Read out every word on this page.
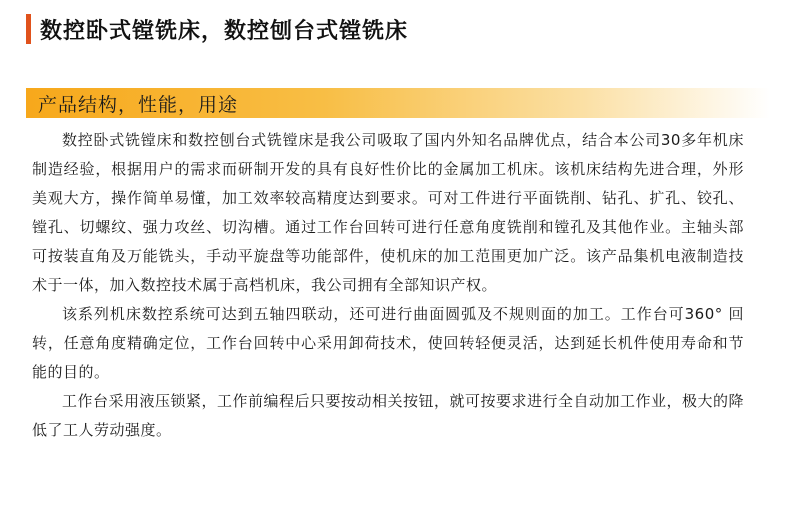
数控卧式镗铣床，数控刨台式镗铣床
产品结构，性能，用途

数控卧式铣镗床和数控刨台式铣镗床是我公司吸取了国内外知名品牌优点，结合本公司30多年机床制造经验，根据用户的需求而研制开发的具有良好性价比的金属加工机床。该机床结构先进合理，外形美观大方，操作简单易懂，加工效率较高精度达到要求。可对工件进行平面铣削、钻孔、扩孔、铰孔、镗孔、切螺纹、强力攻丝、切沟槽。通过工作台回转可进行任意角度铣削和镗孔及其他作业。主轴头部可按装直角及万能铣头，手动平旋盘等功能部件，使机床的加工范围更加广泛。该产品集机电液制造技术于一体，加入数控技术属于高档机床，我公司拥有全部知识产权。

该系列机床数控系统可达到五轴四联动，还可进行曲面圆弧及不规则面的加工。工作台可360° 回转，任意角度精确定位，工作台回转中心采用卸荷技术，使回转轻便灵活，达到延长机件使用寿命和节能的目的。

工作台采用液压锁紧，工作前编程后只要按动相关按钮，就可按要求进行全自动加工作业，极大的降低了工人劳动强度。
